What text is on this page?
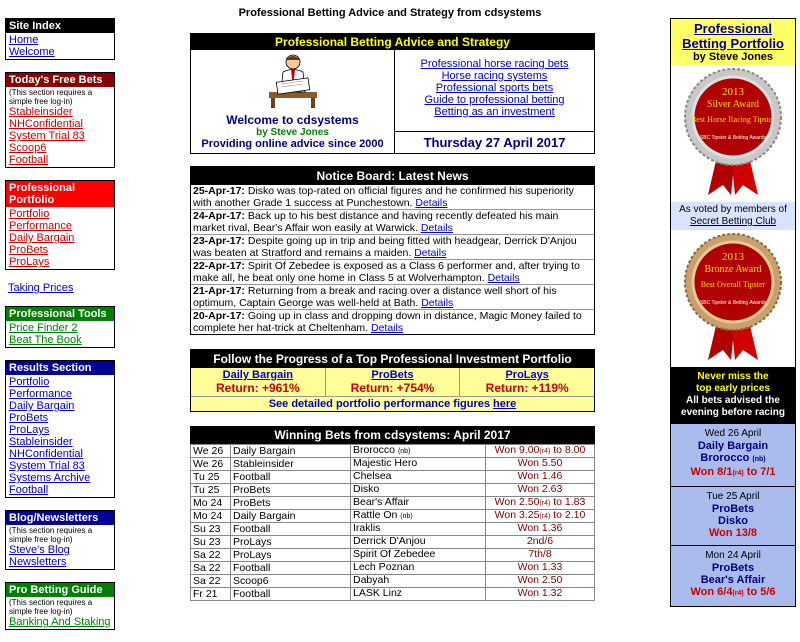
Professional Betting Advice and Strategy from cdsystems
Site Index
Home
Welcome
Today's Free Bets
(This section requires a simple free log-in)
Stableinsider
NHConfidential
System Trial 83
Scoop6
Football
Professional Portfolio
Portfolio Performance
Daily Bargain
ProBets
ProLays
Taking Prices
Professional Tools
Price Finder 2
Beat The Book
Results Section
Portfolio Performance
Daily Bargain
ProBets
ProLays
Stableinsider
NHConfidential
System Trial 83
Systems Archive
Football
Blog/Newsletters
(This section requires a simple free log-in)
Steve's Blog
Newsletters
Pro Betting Guide
(This section requires a simple free log-in)
Banking And Staking
Professional Betting Advice and Strategy
Welcome to cdsystems
by Steve Jones
Providing online advice since 2000
Professional horse racing bets
Horse racing systems
Professional sports bets
Guide to professional betting
Betting as an investment
Thursday 27 April 2017
Notice Board: Latest News
25-Apr-17: Disko was top-rated on official figures and he confirmed his superiority with another Grade 1 success at Punchestown. Details
24-Apr-17: Back up to his best distance and having recently defeated his main market rival, Bear's Affair won easily at Warwick. Details
23-Apr-17: Despite going up in trip and being fitted with headgear, Derrick D'Anjou was beaten at Stratford and remains a maiden. Details
22-Apr-17: Spirit Of Zebedee is exposed as a Class 6 performer and, after trying to make all, he beat only one home in Class 5 at Wolverhampton. Details
21-Apr-17: Returning from a break and racing over a distance well short of his optimum, Captain George was well-held at Bath. Details
20-Apr-17: Going up in class and dropping down in distance, Magic Money failed to complete her hat-trick at Cheltenham. Details
Follow the Progress of a Top Professional Investment Portfolio
Daily Bargain
Return: +961%
ProBets
Return: +754%
ProLays
Return: +119%
See detailed portfolio performance figures here
Winning Bets from cdsystems: April 2017
We 26	Daily Bargain	Brorocco (nb)	Won 9.00(r4) to 8.00
We 26	Stableinsider	Majestic Hero	Won 5.50
Tu 25	Football	Chelsea	Won 1.46
Tu 25	ProBets	Disko	Won 2.63
Mo 24	ProBets	Bear's Affair	Won 2.50(r4) to 1.83
Mo 24	Daily Bargain	Rattle On (nb)	Won 3.25(r4) to 2.10
Su 23	Football	Iraklis	Won 1.36
Su 23	ProLays	Derrick D'Anjou	2nd/6
Sa 22	ProLays	Spirit Of Zebedee	7th/8
Sa 22	Football	Lech Poznan	Won 1.33
Sa 22	Scoop6	Dabyah	Won 2.50
Fr 21	Football	LASK Linz	Won 1.32
Professional Betting Portfolio
by Steve Jones
2013
Silver Award
Best Horse Racing Tipster
SBC Tipster & Betting Awards
As voted by members of
Secret Betting Club
2013
Bronze Award
Best Overall Tipster
SBC Tipster & Betting Awards
Never miss the
top early prices
All bets advised the
evening before racing
Wed 26 April
Daily Bargain
Brorocco (nb)
Won 8/1(r4) to 7/1
Tue 25 April
ProBets
Disko
Won 13/8
Mon 24 April
ProBets
Bear's Affair
Won 6/4(r4) to 5/6
